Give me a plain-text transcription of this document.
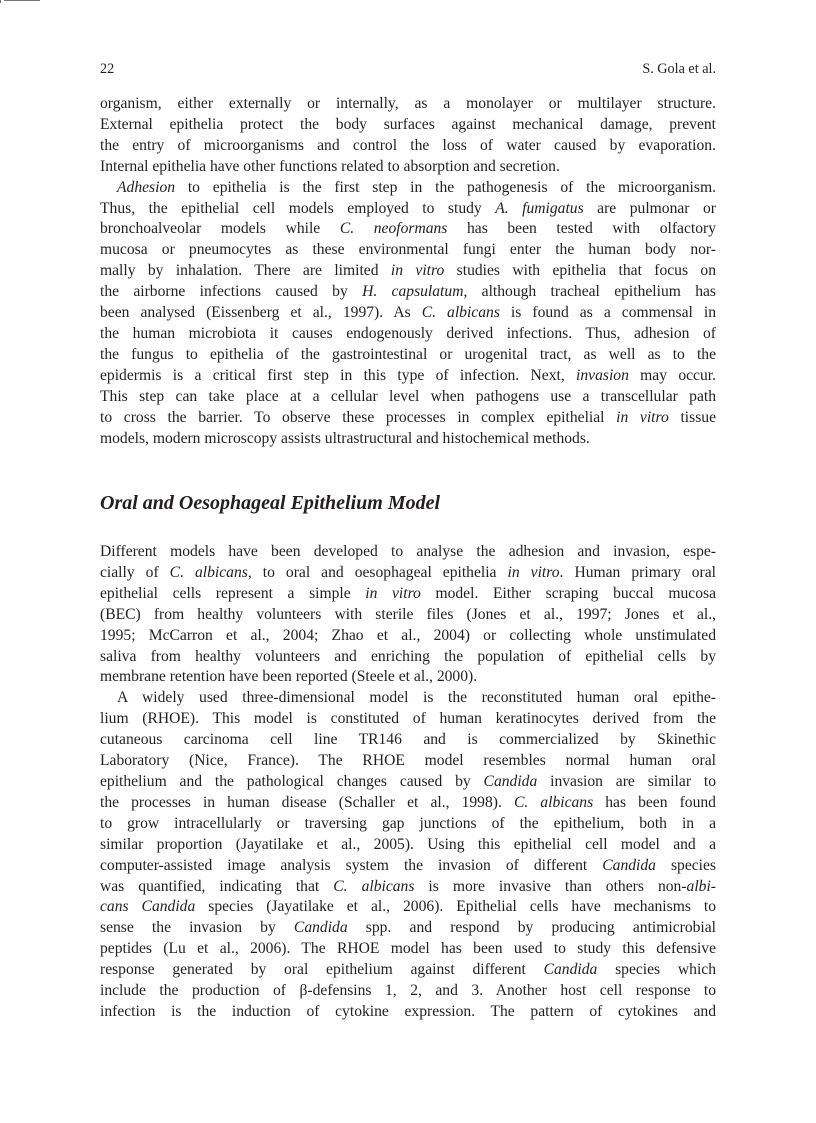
22	S. Gola et al.
organism, either externally or internally, as a monolayer or multilayer structure.
External epithelia protect the body surfaces against mechanical damage, prevent
the entry of microorganisms and control the loss of water caused by evaporation.
Internal epithelia have other functions related to absorption and secretion.
Adhesion to epithelia is the first step in the pathogenesis of the microorganism.
Thus, the epithelial cell models employed to study A. fumigatus are pulmonar or
bronchoalveolar models while C. neoformans has been tested with olfactory
mucosa or pneumocytes as these environmental fungi enter the human body nor-
mally by inhalation. There are limited in vitro studies with epithelia that focus on
the airborne infections caused by H. capsulatum, although tracheal epithelium has
been analysed (Eissenberg et al., 1997). As C. albicans is found as a commensal in
the human microbiota it causes endogenously derived infections. Thus, adhesion of
the fungus to epithelia of the gastrointestinal or urogenital tract, as well as to the
epidermis is a critical first step in this type of infection. Next, invasion may occur.
This step can take place at a cellular level when pathogens use a transcellular path
to cross the barrier. To observe these processes in complex epithelial in vitro tissue
models, modern microscopy assists ultrastructural and histochemical methods.
Oral and Oesophageal Epithelium Model
Different models have been developed to analyse the adhesion and invasion, espe-
cially of C. albicans, to oral and oesophageal epithelia in vitro. Human primary oral
epithelial cells represent a simple in vitro model. Either scraping buccal mucosa
(BEC) from healthy volunteers with sterile files (Jones et al., 1997; Jones et al.,
1995; McCarron et al., 2004; Zhao et al., 2004) or collecting whole unstimulated
saliva from healthy volunteers and enriching the population of epithelial cells by
membrane retention have been reported (Steele et al., 2000).
A widely used three-dimensional model is the reconstituted human oral epithe-
lium (RHOE). This model is constituted of human keratinocytes derived from the
cutaneous carcinoma cell line TR146 and is commercialized by Skinethic
Laboratory (Nice, France). The RHOE model resembles normal human oral
epithelium and the pathological changes caused by Candida invasion are similar to
the processes in human disease (Schaller et al., 1998). C. albicans has been found
to grow intracellularly or traversing gap junctions of the epithelium, both in a
similar proportion (Jayatilake et al., 2005). Using this epithelial cell model and a
computer-assisted image analysis system the invasion of different Candida species
was quantified, indicating that C. albicans is more invasive than others non-albi-
cans Candida species (Jayatilake et al., 2006). Epithelial cells have mechanisms to
sense the invasion by Candida spp. and respond by producing antimicrobial
peptides (Lu et al., 2006). The RHOE model has been used to study this defensive
response generated by oral epithelium against different Candida species which
include the production of β-defensins 1, 2, and 3. Another host cell response to
infection is the induction of cytokine expression. The pattern of cytokines and
